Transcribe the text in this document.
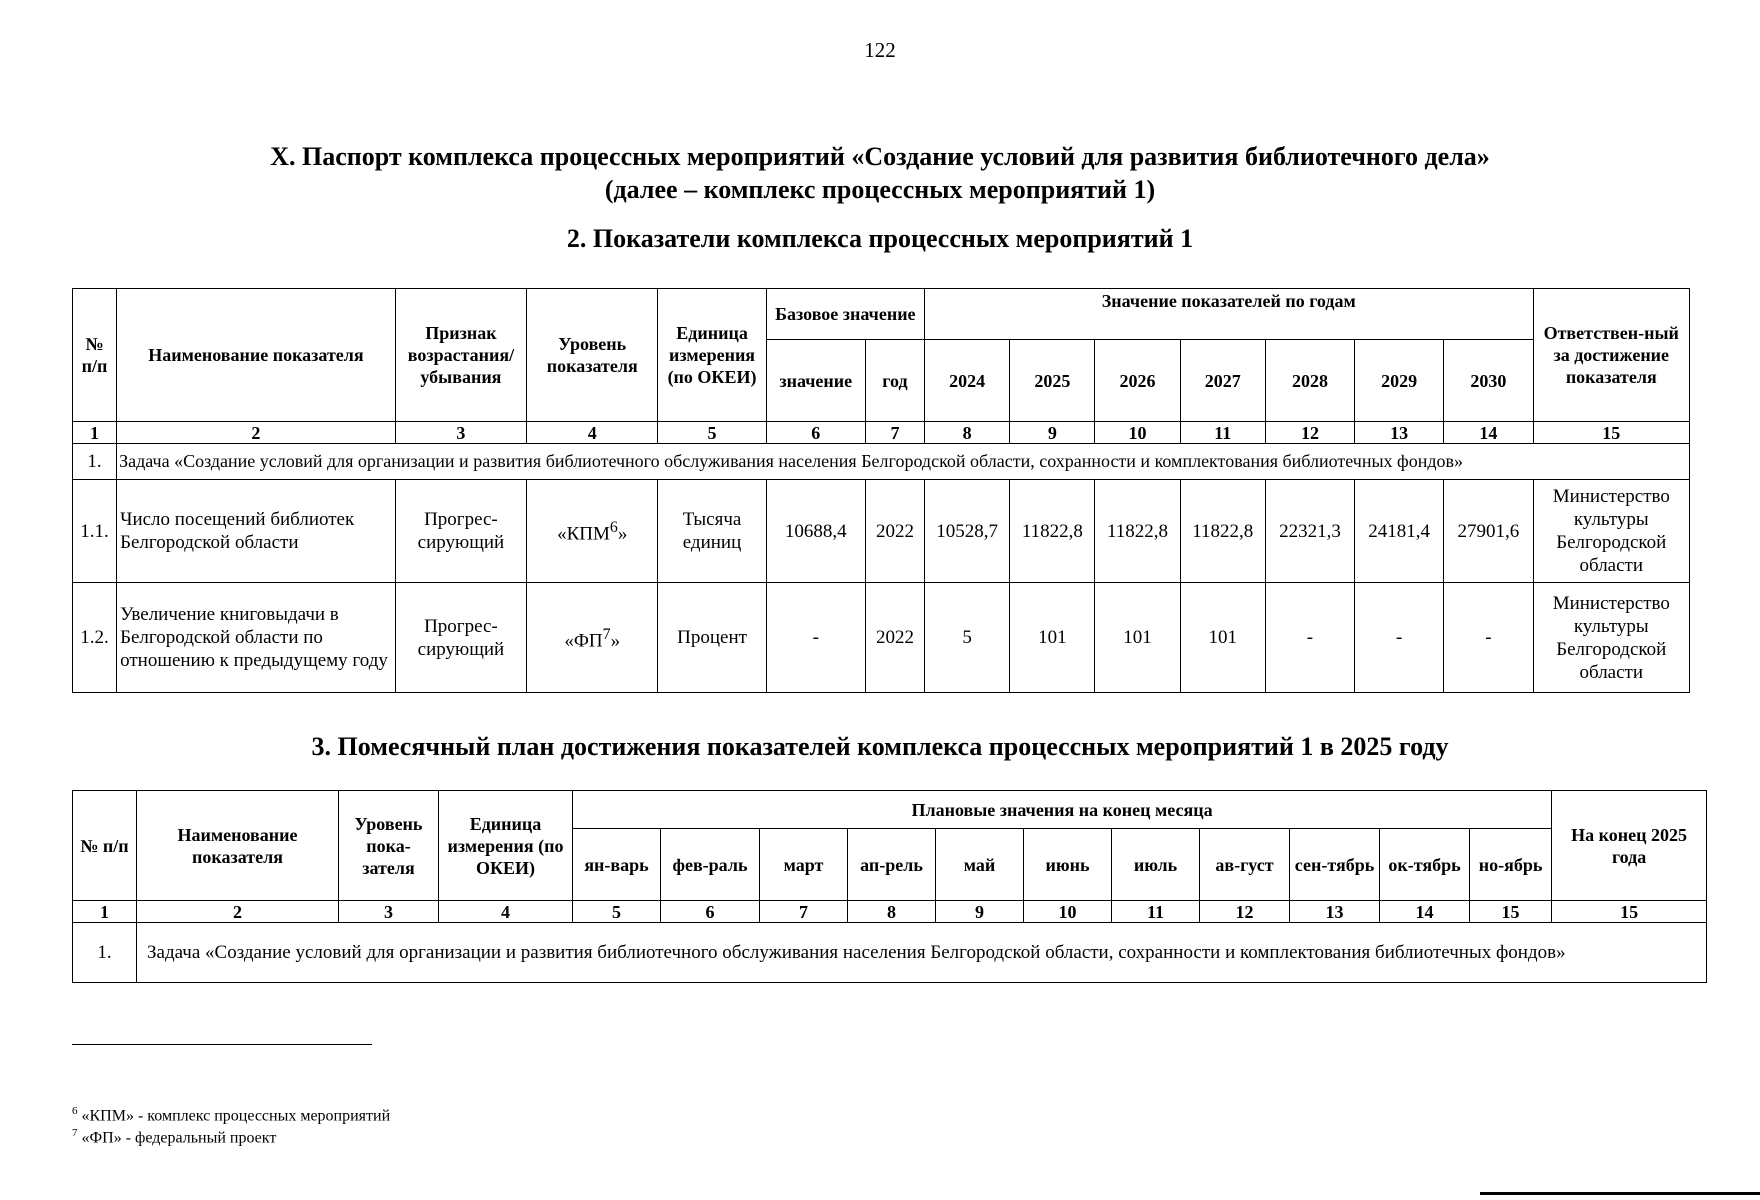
122
X. Паспорт комплекса процессных мероприятий «Создание условий для развития библиотечного дела»
(далее – комплекс процессных мероприятий 1)
2. Показатели комплекса процессных мероприятий 1
№ п/п	Наименование показателя	Признак возрастания/ убывания	Уровень показателя	Единица измерения (по ОКЕИ)	Базовое значение		Значение показателей по годам							Ответствен-ный за достижение показателя
					значение	год	2024	2025	2026	2027	2028	2029	2030	
1	2	3	4	5	6	7	8	9	10	11	12	13	14	15
1.	Задача «Создание условий для организации и развития библиотечного обслуживания населения Белгородской области, сохранности и комплектования библиотечных фондов»													
1.1.	Число посещений библиотек Белгородской области	Прогрес-сирующий	«КПМ$^6$»	Тысяча единиц	10688,4	2022	10528,7	11822,8	11822,8	11822,8	22321,3	24181,4	27901,6	Министерство культуры Белгородской области
1.2.	Увеличение книговыдачи в Белгородской области по отношению к предыдущему году	Прогрес-сирующий	«$ФП^7$»	Процент	-	2022	5	101	101	101	-	-	-	Министерство культуры Белгородской области
3. Помесячный план достижения показателей комплекса процессных мероприятий 1 в 2025 году
№ п/п	Наименование показателя	Уровень пока-зателя	Единица измерения (по ОКЕИ)	Плановые значения на конец месяца											На конец 2025 года
				ян-варь	фев-раль	март	ап-рель	май	июнь	июль	ав-густ	сен-тябрь	ок-тябрь	но-ябрь	
1	2	3	4	5	6	7	8	9	10	11	12	13	14	15	15
1.	Задача «Создание условий для организации и развития библиотечного обслуживания населения Белгородской области, сохранности и комплектования библиотечных фондов»														
$^6$ «КПМ» - комплекс процессных мероприятий
$^7$ «ФП» - федеральный проект
